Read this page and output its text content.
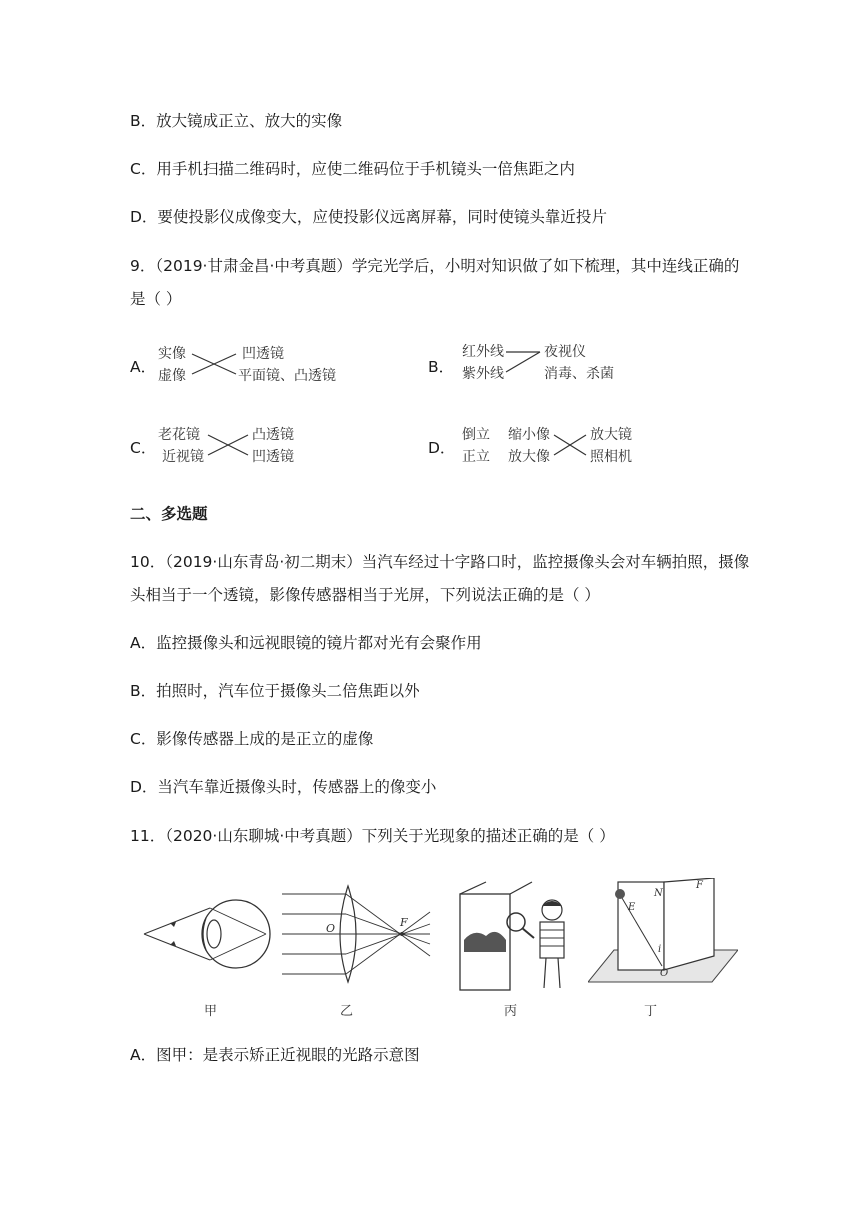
B．放大镜成正立、放大的实像
C．用手机扫描二维码时，应使二维码位于手机镜头一倍焦距之内
D．要使投影仪成像变大，应使投影仪远离屏幕，同时使镜头靠近投片
9．（2019·甘肃金昌·中考真题）学完光学后，小明对知识做了如下梳理，其中连线正确的
是（ ）
A．
实像
虚像
凹透镜
平面镜、凸透镜	B．
红外线
紫外线
夜视仪
消毒、杀菌
C．
老花镜
近视镜
凸透镜
凹透镜	D．
倒立
正立
缩小像
放大像
放大镜
照相机
二、多选题
10．（2019·山东青岛·初二期末）当汽车经过十字路口时，监控摄像头会对车辆拍照，摄像
头相当于一个透镜，影像传感器相当于光屏，下列说法正确的是（ ）
A．监控摄像头和远视眼镜的镜片都对光有会聚作用
B．拍照时，汽车位于摄像头二倍焦距以外
C．影像传感器上成的是正立的虚像
D．当汽车靠近摄像头时，传感器上的像变小
11．（2020·山东聊城·中考真题）下列关于光现象的描述正确的是（ ）
甲
O	F
乙	丙
E
N
i
O
F
丁
A．图甲：是表示矫正近视眼的光路示意图
